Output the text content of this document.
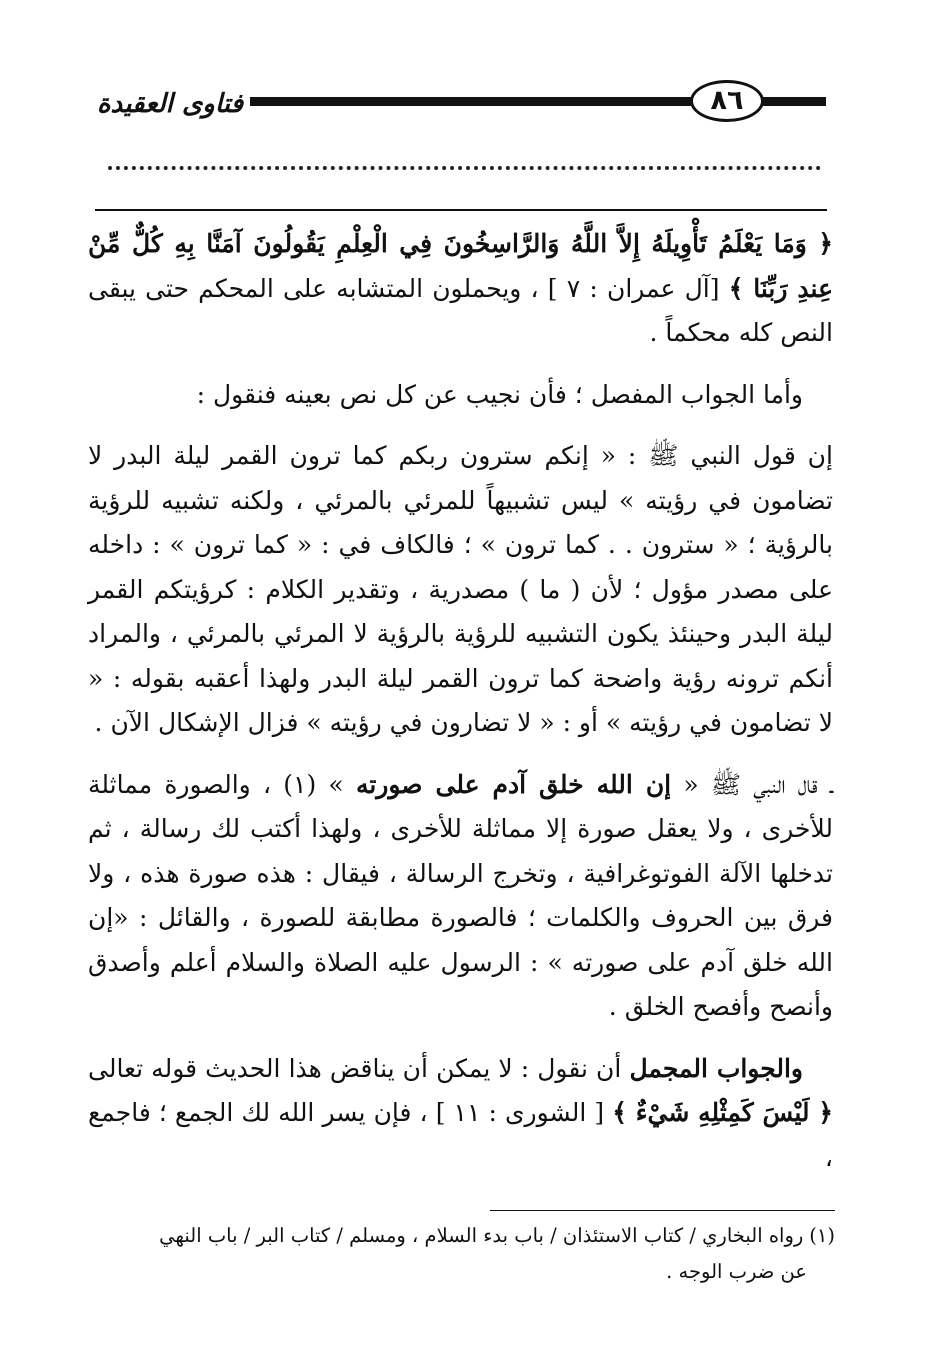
فتاوى العقيدة	٨٦

﴿ وَمَا يَعْلَمُ تَأْوِيلَهُ إِلاَّ اللَّهُ وَالرَّاسِخُونَ فِي الْعِلْمِ يَقُولُونَ آمَنَّا بِهِ كُلٌّ مِّنْ عِندِ رَبِّنَا ﴾ [آل عمران : ٧ ] ، ويحملون المتشابه على المحكم حتى يبقى النص كله محكماً .

وأما الجواب المفصل ؛ فأن نجيب عن كل نص بعينه فنقول :

إن قول النبي ﷺ : « إنكم سترون ربكم كما ترون القمر ليلة البدر لا تضامون في رؤيته » ليس تشبيهاً للمرئي بالمرئي ، ولكنه تشبيه للرؤية بالرؤية ؛ « سترون . . كما ترون » ؛ فالكاف في : « كما ترون » : داخله على مصدر مؤول ؛ لأن ( ما ) مصدرية ، وتقدير الكلام : كرؤيتكم القمر ليلة البدر وحينئذ يكون التشبيه للرؤية بالرؤية لا المرئي بالمرئي ، والمراد أنكم ترونه رؤية واضحة كما ترون القمر ليلة البدر ولهذا أعقبه بقوله : « لا تضامون في رؤيته » أو : « لا تضارون في رؤيته » فزال الإشكال الآن .

ـ قال النبي ﷺ « إن الله خلق آدم على صورته » (١) ، والصورة مماثلة للأخرى ، ولا يعقل صورة إلا مماثلة للأخرى ، ولهذا أكتب لك رسالة ، ثم تدخلها الآلة الفوتوغرافية ، وتخرج الرسالة ، فيقال : هذه صورة هذه ، ولا فرق بين الحروف والكلمات ؛ فالصورة مطابقة للصورة ، والقائل : «إن الله خلق آدم على صورته » : الرسول عليه الصلاة والسلام أعلم وأصدق وأنصح وأفصح الخلق .

والجواب المجمل أن نقول : لا يمكن أن يناقض هذا الحديث قوله تعالى ﴿ لَيْسَ كَمِثْلِهِ شَيْءٌ ﴾ [ الشورى : ١١ ] ، فإن يسر الله لك الجمع ؛ فاجمع ،

(١)رواه البخاري / كتاب الاستئذان / باب بدء السلام ، ومسلم / كتاب البر / باب النهي
عن ضرب الوجه .
